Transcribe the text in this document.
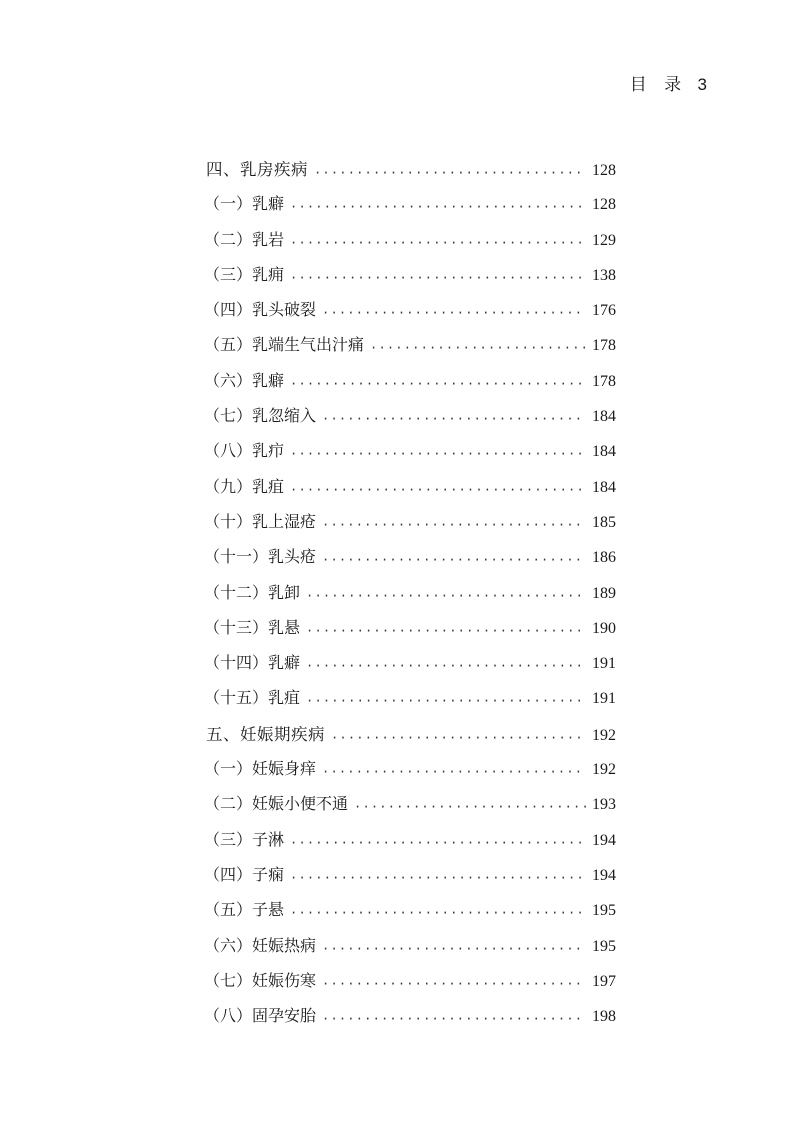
目 录 3
四、乳房疾病 ·····	128
（一）乳癖 ·····	128
（二）乳岩 ·····	129
（三）乳痈 ·····	138
（四）乳头破裂 ·····	176
（五）乳端生气出汁痛 ·····	178
（六）乳癖 ·····	178
（七）乳忽缩入 ·····	184
（八）乳疖 ·····	184
（九）乳疽 ·····	184
（十）乳上湿疮 ·····	185
（十一）乳头疮 ·····	186
（十二）乳卸 ·····	189
（十三）乳悬 ·····	190
（十四）乳癖 ·····	191
（十五）乳疽 ·····	191
五、妊娠期疾病 ·····	192
（一）妊娠身痒 ·····	192
（二）妊娠小便不通 ·····	193
（三）子淋 ·····	194
（四）子痫 ·····	194
（五）子悬 ·····	195
（六）妊娠热病 ·····	195
（七）妊娠伤寒 ·····	197
（八）固孕安胎 ·····	198
